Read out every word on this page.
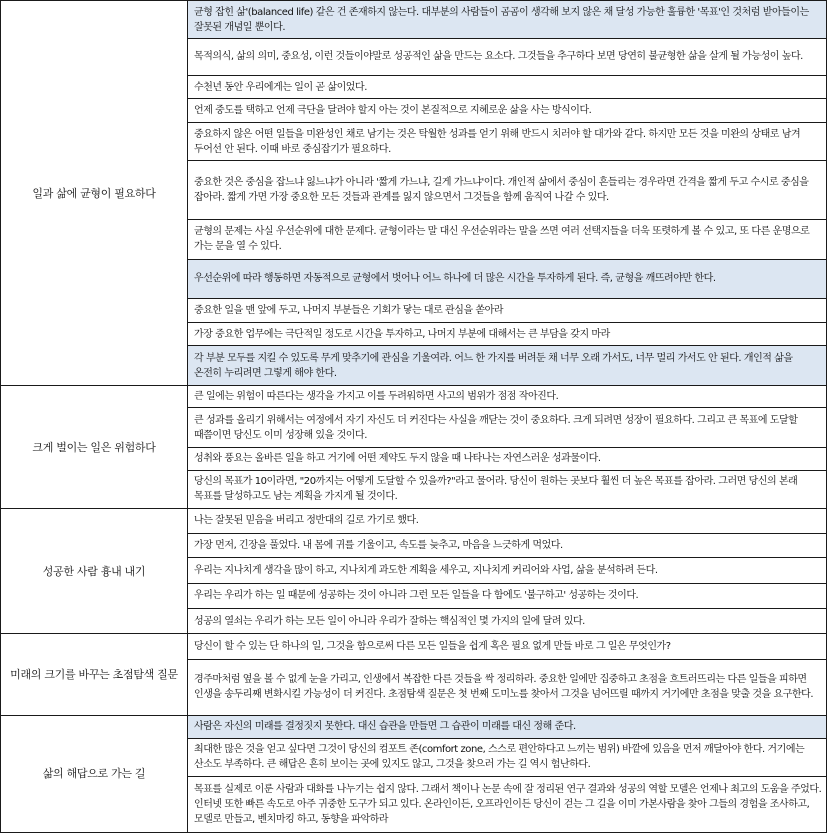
일과 삶에 균형이 필요하다	균형 잡힌 삶'(balanced life) 같은 건 존재하지 않는다. 대부분의 사람들이 곰곰이 생각해 보지 않은 채 달성 가능한 훌륭한 '목표'인 것처럼 받아들이는 잘못된 개념일 뿐이다.
	목적의식, 삶의 의미, 중요성, 이런 것들이야말로 성공적인 삶을 만드는 요소다. 그것들을 추구하다 보면 당연히 불균형한 삶을 살게 될 가능성이 높다.
	수천년 동안 우리에게는 일이 곧 삶이었다.
	언제 중도를 택하고 언제 극단을 달려야 할지 아는 것이 본질적으로 지혜로운 삶을 사는 방식이다.
	중요하지 않은 어떤 일들을 미완성인 채로 남기는 것은 탁월한 성과를 얻기 위해 반드시 치러야 할 대가와 같다. 하지만 모든 것을 미완의 상태로 남겨 두어선 안 된다. 이때 바로 중심잡기가 필요하다.
	중요한 것은 중심을 잡느냐 잃느냐가 아니라 '짧게 가느냐, 길게 가느냐'이다. 개인적 삶에서 중심이 흔들리는 경우라면 간격을 짧게 두고 수시로 중심을 잡아라. 짧게 가면 가장 중요한 모든 것들과 관계를 잃지 않으면서 그것들을 함께 움직여 나갈 수 있다.
	균형의 문제는 사실 우선순위에 대한 문제다. 균형이라는 말 대신 우선순위라는 말을 쓰면 여러 선택지들을 더욱 또렷하게 볼 수 있고, 또 다른 운명으로 가는 문을 열 수 있다.
	우선순위에 따라 행동하면 자동적으로 균형에서 벗어나 어느 하나에 더 많은 시간을 투자하게 된다. 즉, 균형을 깨뜨려야만 한다.
	중요한 일을 맨 앞에 두고, 나머지 부분들은 기회가 닿는 대로 관심을 쏟아라
	가장 중요한 업무에는 극단적일 정도로 시간을 투자하고, 나머지 부분에 대해서는 큰 부담을 갖지 마라
	각 부분 모두를 지킬 수 있도록 무게 맞추기에 관심을 기울여라. 어느 한 가지를 버려둔 채 너무 오래 가서도, 너무 멀리 가서도 안 된다. 개인적 삶을 온전히 누리려면 그렇게 해야 한다.
크게 벌이는 일은 위험하다	큰 일에는 위험이 따른다는 생각을 가지고 이를 두려워하면 사고의 범위가 점점 작아진다.
	큰 성과를 올리기 위해서는 여정에서 자기 자신도 더 커진다는 사실을 깨닫는 것이 중요하다. 크게 되려면 성장이 필요하다. 그리고 큰 목표에 도달할 때쯤이면 당신도 이미 성장해 있을 것이다.
	성취와 풍요는 올바른 일을 하고 거기에 어떤 제약도 두지 않을 때 나타나는 자연스러운 성과물이다.
	당신의 목표가 10이라면, "20까지는 어떻게 도달할 수 있을까?"라고 물어라. 당신이 원하는 곳보다 훨씬 더 높은 목표를 잡아라. 그러면 당신의 본래 목표를 달성하고도 남는 계획을 가지게 될 것이다.
성공한 사람 흉내 내기	나는 잘못된 믿음을 버리고 정반대의 길로 가기로 했다.
	가장 먼저, 긴장을 풀었다. 내 몸에 귀를 기울이고, 속도를 늦추고, 마음을 느긋하게 먹었다.
	우리는 지나치게 생각을 많이 하고, 지나치게 과도한 계획을 세우고, 지나치게 커리어와 사업, 삶을 분석하려 든다.
	우리는 우리가 하는 일 때문에 성공하는 것이 아니라 그런 모든 일들을 다 함에도 '불구하고' 성공하는 것이다.
	성공의 열쇠는 우리가 하는 모든 일이 아니라 우리가 잘하는 핵심적인 몇 가지의 일에 달려 있다.
미래의 크기를 바꾸는 초점탐색 질문	당신이 할 수 있는 단 하나의 일, 그것을 함으로써 다른 모든 일들을 쉽게 혹은 필요 없게 만들 바로 그 일은 무엇인가?
	경주마처럼 옆을 볼 수 없게 눈을 가리고, 인생에서 복잡한 다른 것들을 싹 정리하라. 중요한 일에만 집중하고 초점을 흐트러뜨리는 다른 일들을 피하면 인생을 송두리째 변화시킬 가능성이 더 커진다. 초점탐색 질문은 첫 번째 도미노를 찾아서 그것을 넘어뜨릴 때까지 거기에만 초점을 맞출 것을 요구한다.
삶의 해답으로 가는 길	사람은 자신의 미래를 결정짓지 못한다. 대신 습관을 만들면 그 습관이 미래를 대신 정해 준다.
	최대한 많은 것을 얻고 싶다면 그것이 당신의 컴포트 존(comfort zone, 스스로 편안하다고 느끼는 범위) 바깥에 있음을 먼저 깨달아야 한다. 거기에는 산소도 부족하다. 큰 해답은 흔히 보이는 곳에 있지도 않고, 그것을 찾으러 가는 길 역시 험난하다.
	목표를 실제로 이룬 사람과 대화를 나누기는 쉽지 않다. 그래서 책이나 논문 속에 잘 정리된 연구 결과와 성공의 역할 모델은 언제나 최고의 도움을 주었다. 인터넷 또한 빠른 속도로 아주 귀중한 도구가 되고 있다. 온라인이든, 오프라인이든 당신이 걷는 그 길을 이미 가본사람을 찾아 그들의 경험을 조사하고, 모델로 만들고, 벤치마킹 하고, 동향을 파악하라
